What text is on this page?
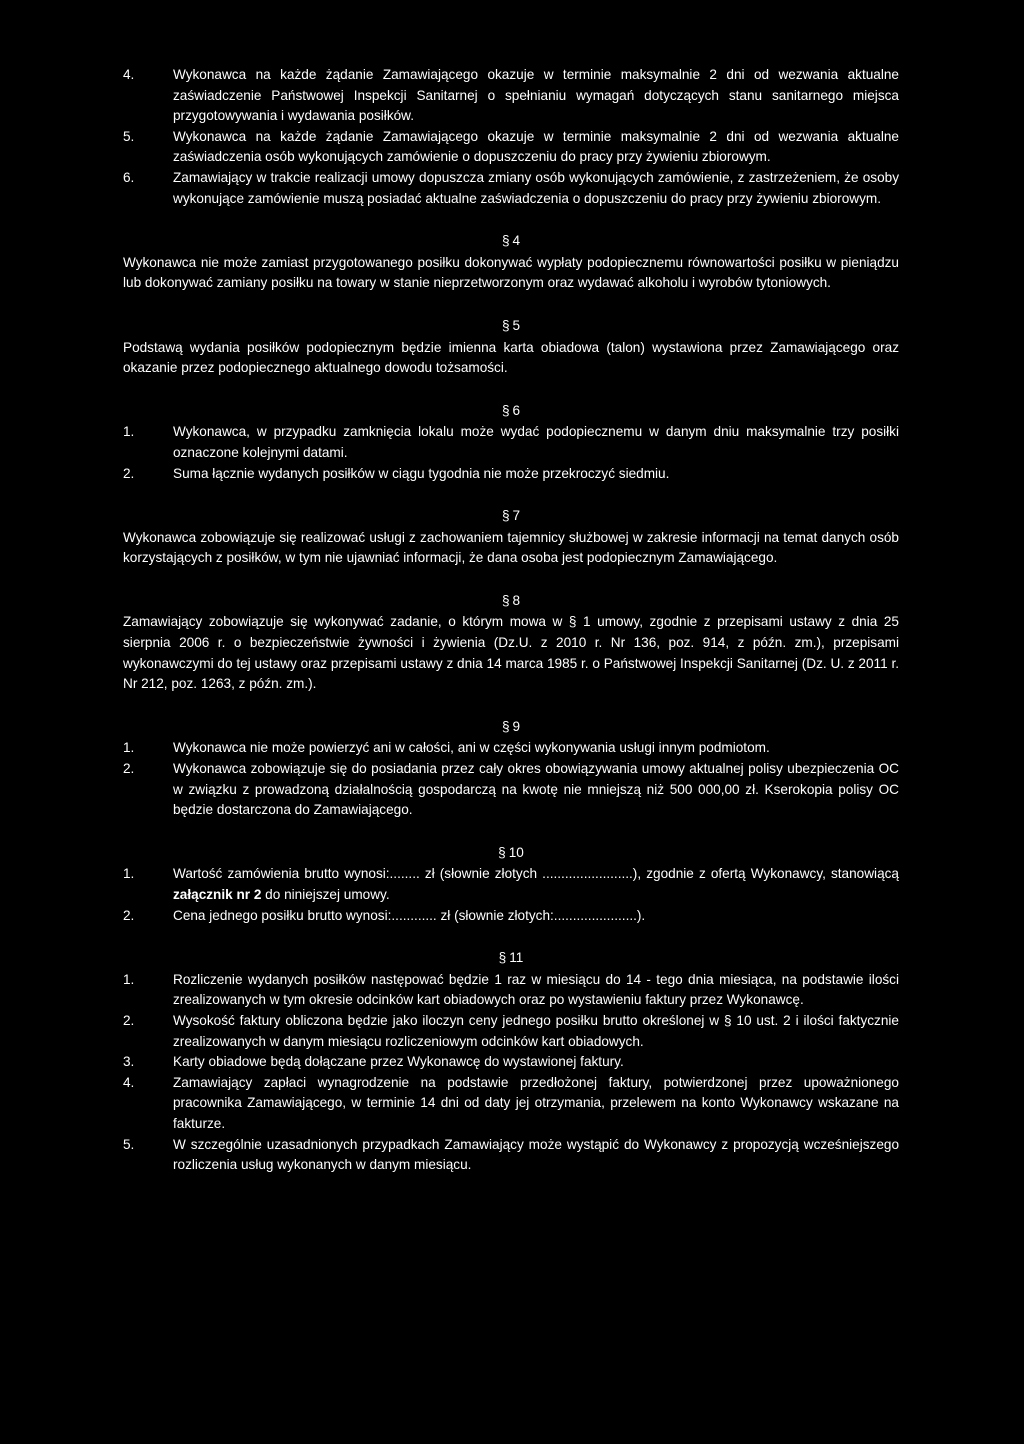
4.	Wykonawca na każde żądanie Zamawiającego okazuje w terminie maksymalnie 2 dni od wezwania aktualne zaświadczenie Państwowej Inspekcji Sanitarnej o spełnianiu wymagań dotyczących stanu sanitarnego miejsca przygotowywania i wydawania posiłków.
5.	Wykonawca na każde żądanie Zamawiającego okazuje w terminie maksymalnie 2 dni od wezwania aktualne zaświadczenia osób wykonujących zamówienie o dopuszczeniu do pracy przy żywieniu zbiorowym.
6.	Zamawiający w trakcie realizacji umowy dopuszcza zmiany osób wykonujących zamówienie, z zastrzeżeniem, że osoby wykonujące zamówienie muszą posiadać aktualne zaświadczenia o dopuszczeniu do pracy przy żywieniu zbiorowym.
§ 4
Wykonawca nie może zamiast przygotowanego posiłku dokonywać wypłaty podopiecznemu równowartości posiłku w pieniądzu lub dokonywać zamiany posiłku na towary w stanie nieprzetworzonym oraz wydawać alkoholu i wyrobów tytoniowych.
§ 5
Podstawą wydania posiłków podopiecznym będzie imienna karta obiadowa (talon) wystawiona przez Zamawiającego oraz okazanie przez podopiecznego aktualnego dowodu tożsamości.
§ 6
1.	Wykonawca, w przypadku zamknięcia lokalu może wydać podopiecznemu w danym dniu maksymalnie trzy posiłki oznaczone kolejnymi datami.
2.	Suma łącznie wydanych posiłków w ciągu tygodnia nie może przekroczyć siedmiu.
§ 7
Wykonawca zobowiązuje się realizować usługi z zachowaniem tajemnicy służbowej w zakresie informacji na temat danych osób korzystających z posiłków, w tym nie ujawniać informacji, że dana osoba jest podopiecznym Zamawiającego.
§ 8
Zamawiający zobowiązuje się wykonywać zadanie, o którym mowa w § 1 umowy, zgodnie z przepisami ustawy z dnia 25 sierpnia 2006 r. o bezpieczeństwie żywności i żywienia (Dz.U. z 2010 r. Nr 136, poz. 914, z późn. zm.), przepisami wykonawczymi do tej ustawy oraz przepisami ustawy z dnia 14 marca 1985 r. o Państwowej Inspekcji Sanitarnej (Dz. U. z 2011 r. Nr 212, poz. 1263, z późn. zm.).
§ 9
1.	Wykonawca nie może powierzyć ani w całości, ani w części wykonywania usługi innym podmiotom.
2.	Wykonawca zobowiązuje się do posiadania przez cały okres obowiązywania umowy aktualnej polisy ubezpieczenia OC w związku z prowadzoną działalnością gospodarczą na kwotę nie mniejszą niż 500 000,00 zł. Kserokopia polisy OC będzie dostarczona do Zamawiającego.
§ 10
1.	Wartość zamówienia brutto wynosi:........ zł (słownie złotych ........................), zgodnie z ofertą Wykonawcy, stanowiącą załącznik nr 2 do niniejszej umowy.
2.	Cena jednego posiłku brutto wynosi:............ zł (słownie złotych:......................).
§ 11
1.	Rozliczenie wydanych posiłków następować będzie 1 raz w miesiącu do 14 - tego dnia miesiąca, na podstawie ilości zrealizowanych w tym okresie odcinków kart obiadowych oraz po wystawieniu faktury przez Wykonawcę.
2.	Wysokość faktury obliczona będzie jako iloczyn ceny jednego posiłku brutto określonej w § 10 ust. 2 i ilości faktycznie zrealizowanych w danym miesiącu rozliczeniowym odcinków kart obiadowych.
3.	Karty obiadowe będą dołączane przez Wykonawcę do wystawionej faktury.
4.	Zamawiający zapłaci wynagrodzenie na podstawie przedłożonej faktury, potwierdzonej przez upoważnionego pracownika Zamawiającego, w terminie 14 dni od daty jej otrzymania, przelewem na konto Wykonawcy wskazane na fakturze.
5.	W szczególnie uzasadnionych przypadkach Zamawiający może wystąpić do Wykonawcy z propozycją wcześniejszego rozliczenia usług wykonanych w danym miesiącu.
